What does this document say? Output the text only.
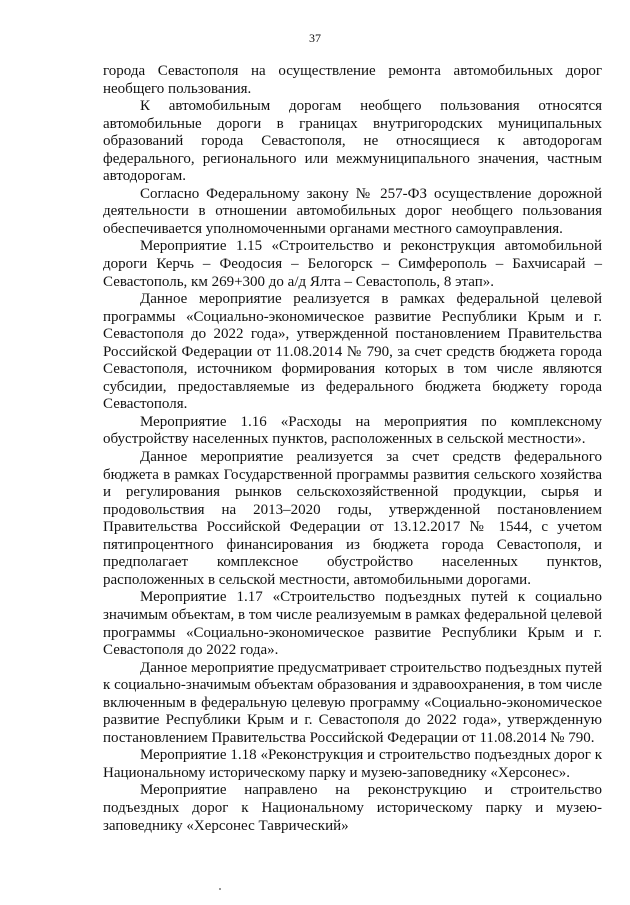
37

города Севастополя на осуществление ремонта автомобильных дорог необщего пользования.

К автомобильным дорогам необщего пользования относятся автомобильные дороги в границах внутригородских муниципальных образований города Севастополя, не относящиеся к автодорогам федерального, регионального или межмуниципального значения, частным автодорогам.

Согласно Федеральному закону № 257-ФЗ осуществление дорожной деятельности в отношении автомобильных дорог необщего пользования обеспечивается уполномоченными органами местного самоуправления.

Мероприятие 1.15 «Строительство и реконструкция автомобильной дороги Керчь – Феодосия – Белогорск – Симферополь – Бахчисарай – Севастополь, км 269+300 до а/д Ялта – Севастополь, 8 этап».

Данное мероприятие реализуется в рамках федеральной целевой программы «Социально-экономическое развитие Республики Крым и г. Севастополя до 2022 года», утвержденной постановлением Правительства Российской Федерации от 11.08.2014 № 790, за счет средств бюджета города Севастополя, источником формирования которых в том числе являются субсидии, предоставляемые из федерального бюджета бюджету города Севастополя.

Мероприятие 1.16 «Расходы на мероприятия по комплексному обустройству населенных пунктов, расположенных в сельской местности».

Данное мероприятие реализуется за счет средств федерального бюджета в рамках Государственной программы развития сельского хозяйства и регулирования рынков сельскохозяйственной продукции, сырья и продовольствия на 2013–2020 годы, утвержденной постановлением Правительства Российской Федерации от 13.12.2017 № 1544, с учетом пятипроцентного финансирования из бюджета города Севастополя, и предполагает комплексное обустройство населенных пунктов, расположенных в сельской местности, автомобильными дорогами.

Мероприятие 1.17 «Строительство подъездных путей к социально значимым объектам, в том числе реализуемым в рамках федеральной целевой программы «Социально-экономическое развитие Республики Крым и г. Севастополя до 2022 года».

Данное мероприятие предусматривает строительство подъездных путей к социально-значимым объектам образования и здравоохранения, в том числе включенным в федеральную целевую программу «Социально-экономическое развитие Республики Крым и г. Севастополя до 2022 года», утвержденную постановлением Правительства Российской Федерации от 11.08.2014 № 790.

Мероприятие 1.18 «Реконструкция и строительство подъездных дорог к Национальному историческому парку и музею-заповеднику «Херсонес».

Мероприятие направлено на реконструкцию и строительство подъездных дорог к Национальному историческому парку и музею-заповеднику «Херсонес Таврический»
